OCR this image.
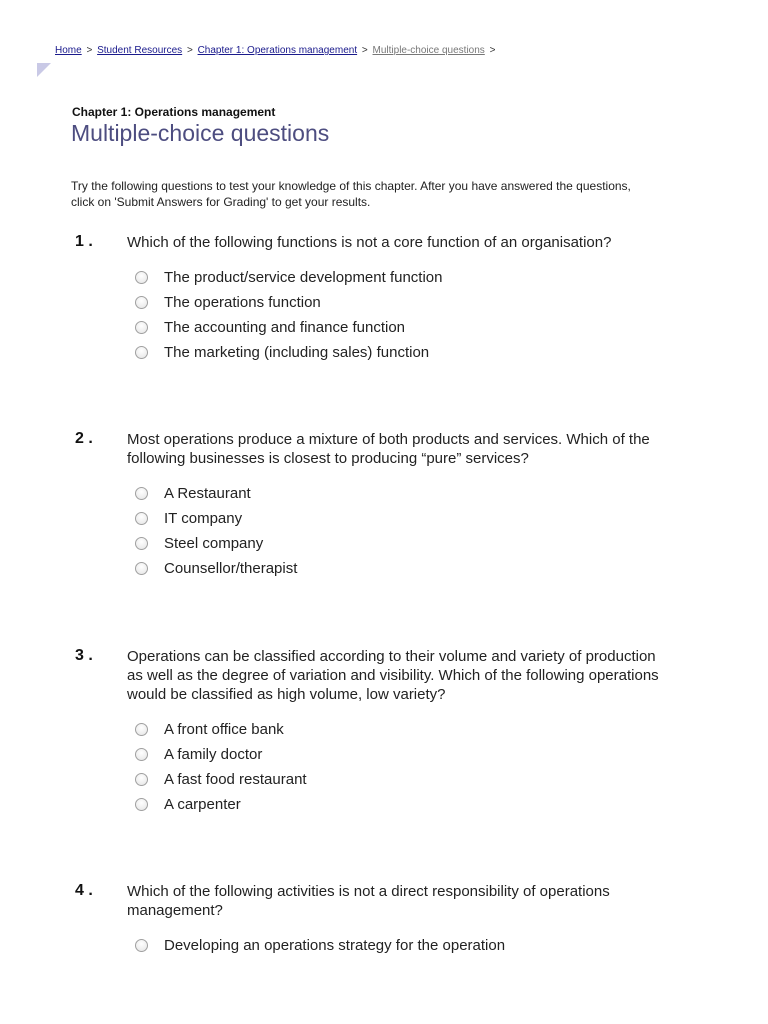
Home > Student Resources > Chapter 1: Operations management > Multiple-choice questions >
Chapter 1: Operations management
Multiple-choice questions
Try the following questions to test your knowledge of this chapter. After you have answered the questions, click on 'Submit Answers for Grading' to get your results.
1 . Which of the following functions is not a core function of an organisation?
The product/service development function
The operations function
The accounting and finance function
The marketing (including sales) function
2 . Most operations produce a mixture of both products and services. Which of the following businesses is closest to producing “pure” services?
A Restaurant
IT company
Steel company
Counsellor/therapist
3 . Operations can be classified according to their volume and variety of production as well as the degree of variation and visibility. Which of the following operations would be classified as high volume, low variety?
A front office bank
A family doctor
A fast food restaurant
A carpenter
4 . Which of the following activities is not a direct responsibility of operations management?
Developing an operations strategy for the operation
